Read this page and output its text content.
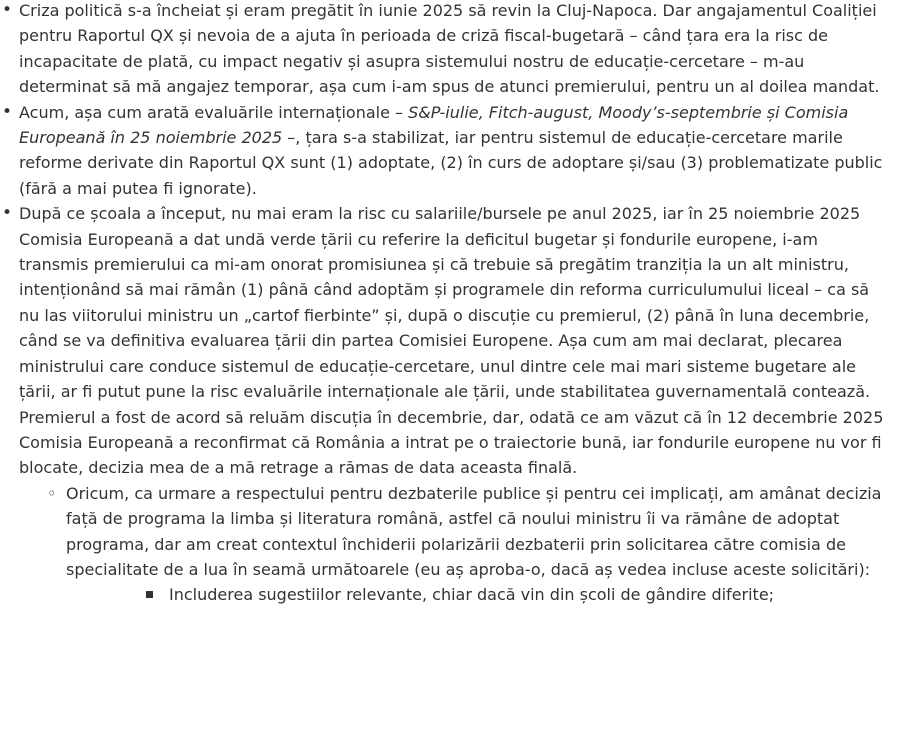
• Criza politică s-a încheiat și eram pregătit în iunie 2025 să revin la Cluj-Napoca. Dar angajamentul Coaliției pentru Raportul QX și nevoia de a ajuta în perioada de criză fiscal-bugetară – când țara era la risc de incapacitate de plată, cu impact negativ și asupra sistemului nostru de educație-cercetare – m-au determinat să mă angajez temporar, așa cum i-am spus de atunci premierului, pentru un al doilea mandat.
• Acum, așa cum arată evaluările internaționale – S&P-iulie, Fitch-august, Moody’s-septembrie și Comisia Europeană în 25 noiembrie 2025 –, țara s-a stabilizat, iar pentru sistemul de educație-cercetare marile reforme derivate din Raportul QX sunt (1) adoptate, (2) în curs de adoptare și/sau (3) problematizate public (fără a mai putea fi ignorate).
• După ce școala a început, nu mai eram la risc cu salariile/bursele pe anul 2025, iar în 25 noiembrie 2025 Comisia Europeană a dat undă verde țării cu referire la deficitul bugetar și fondurile europene, i-am transmis premierului ca mi-am onorat promisiunea și că trebuie să pregătim tranziția la un alt ministru, intenționând să mai rămân (1) până când adoptăm și programele din reforma curriculumului liceal – ca să nu las viitorului ministru un „cartof fierbinte” și, după o discuție cu premierul, (2) până în luna decembrie, când se va definitiva evaluarea țării din partea Comisiei Europene. Așa cum am mai declarat, plecarea ministrului care conduce sistemul de educație-cercetare, unul dintre cele mai mari sisteme bugetare ale țării, ar fi putut pune la risc evaluările internaționale ale țării, unde stabilitatea guvernamentală contează. Premierul a fost de acord să reluăm discuția în decembrie, dar, odată ce am văzut că în 12 decembrie 2025 Comisia Europeană a reconfirmat că România a intrat pe o traiectorie bună, iar fondurile europene nu vor fi blocate, decizia mea de a mă retrage a rămas de data aceasta finală.
◦ Oricum, ca urmare a respectului pentru dezbaterile publice și pentru cei implicați, am amânat decizia față de programa la limba și literatura română, astfel că noului ministru îi va rămâne de adoptat programa, dar am creat contextul închiderii polarizării dezbaterii prin solicitarea către comisia de specialitate de a lua în seamă următoarele (eu aș aproba-o, dacă aș vedea incluse aceste solicitări):
Includerea sugestiilor relevante, chiar dacă vin din școli de gândire diferite;
